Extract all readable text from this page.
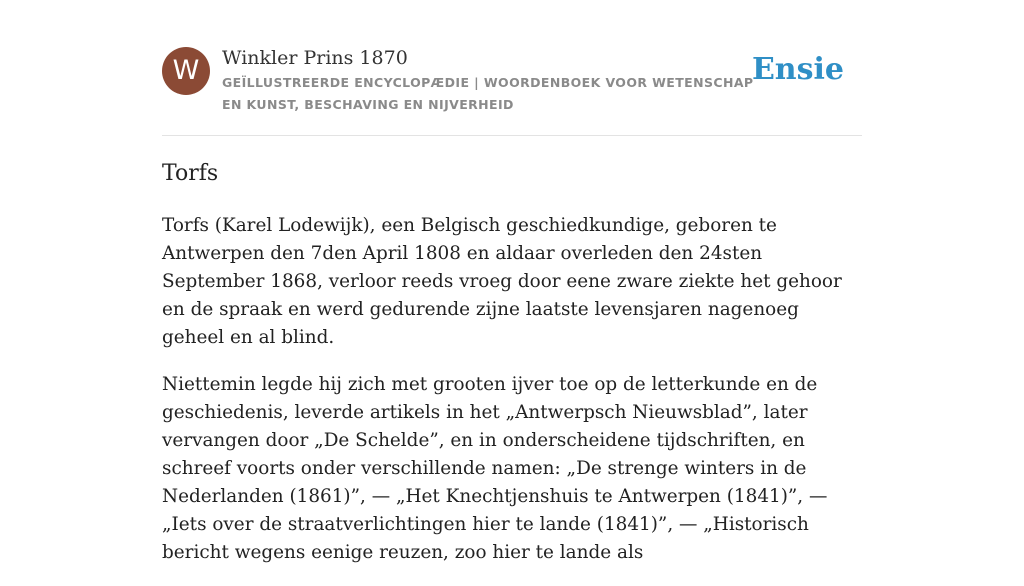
W	Winkler Prins 1870
GEÏLLUSTREERDE ENCYCLOPÆDIE | WOORDENBOEK VOOR WETENSCHAP EN KUNST, BESCHAVING EN NIJVERHEID
Ensie
Torfs

Torfs (Karel Lodewijk), een Belgisch geschiedkundige, geboren te Antwerpen den 7den April 1808 en aldaar overleden den 24sten September 1868, verloor reeds vroeg door eene zware ziekte het gehoor en de spraak en werd gedurende zijne laatste levensjaren nagenoeg geheel en al blind.

Niettemin legde hij zich met grooten ijver toe op de letterkunde en de geschiedenis, leverde artikels in het „Antwerpsch Nieuwsblad”, later vervangen door „De Schelde”, en in onderscheidene tijdschriften, en schreef voorts onder verschillende namen: „De strenge winters in de Nederlanden (1861)”, — „Het Knechtjenshuis te Antwerpen (1841)”, — „Iets over de straatverlichtingen hier te lande (1841)”, — „Historisch bericht wegens eenige reuzen, zoo hier te lande als
